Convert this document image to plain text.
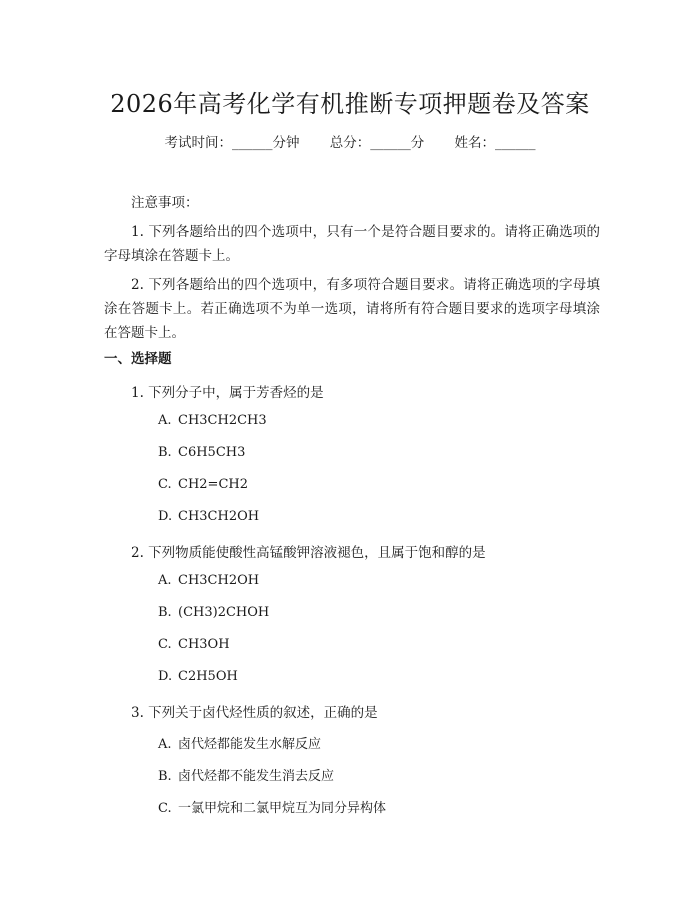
2026年高考化学有机推断专项押题卷及答案
考试时间：______分钟 总分：______分 姓名：______
注意事项：
1. 下列各题给出的四个选项中，只有一个是符合题目要求的。请将正确选项的字母填涂在答题卡上。
2. 下列各题给出的四个选项中，有多项符合题目要求。请将正确选项的字母填涂在答题卡上。若正确选项不为单一选项，请将所有符合题目要求的选项字母填涂在答题卡上。
一、选择题
1. 下列分子中，属于芳香烃的是
A. CH3CH2CH3
B. C6H5CH3
C. CH2=CH2
D. CH3CH2OH
2. 下列物质能使酸性高锰酸钾溶液褪色，且属于饱和醇的是
A. CH3CH2OH
B. (CH3)2CHOH
C. CH3OH
D. C2H5OH
3. 下列关于卤代烃性质的叙述，正确的是
A. 卤代烃都能发生水解反应
B. 卤代烃都不能发生消去反应
C. 一氯甲烷和二氯甲烷互为同分异构体
